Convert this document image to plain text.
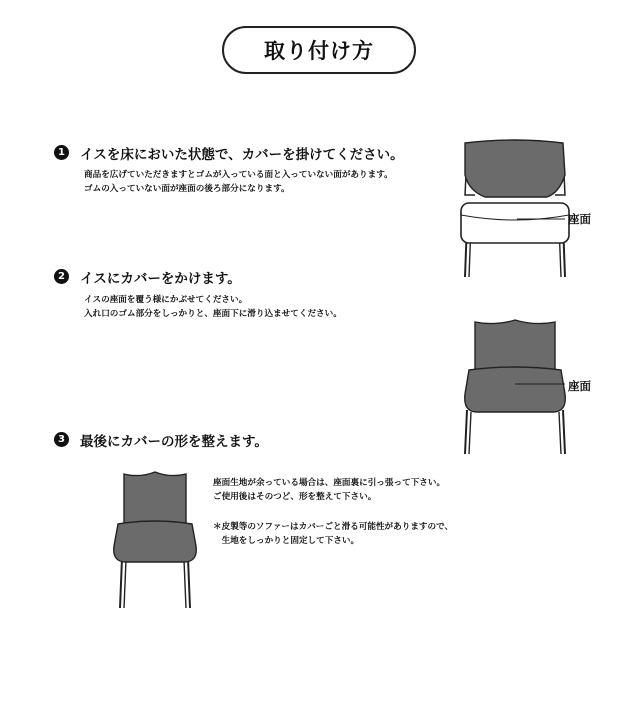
取り付け方
1 イスを床においた状態で、カバーを掛けてください。
商品を広げていただきますとゴムが入っている面と入っていない面があります。
ゴムの入っていない面が座面の後ろ部分になります。
2 イスにカバーをかけます。
イスの座面を覆う様にかぶせてください。
入れ口のゴム部分をしっかりと、座面下に滑り込ませてください。
3 最後にカバーの形を整えます。
座面生地が余っている場合は、座面裏に引っ張って下さい。
ご使用後はそのつど、形を整えて下さい。
＊皮製等のソファーはカバーごと滑る可能性がありますので、
　生地をしっかりと固定して下さい。
座面
座面
